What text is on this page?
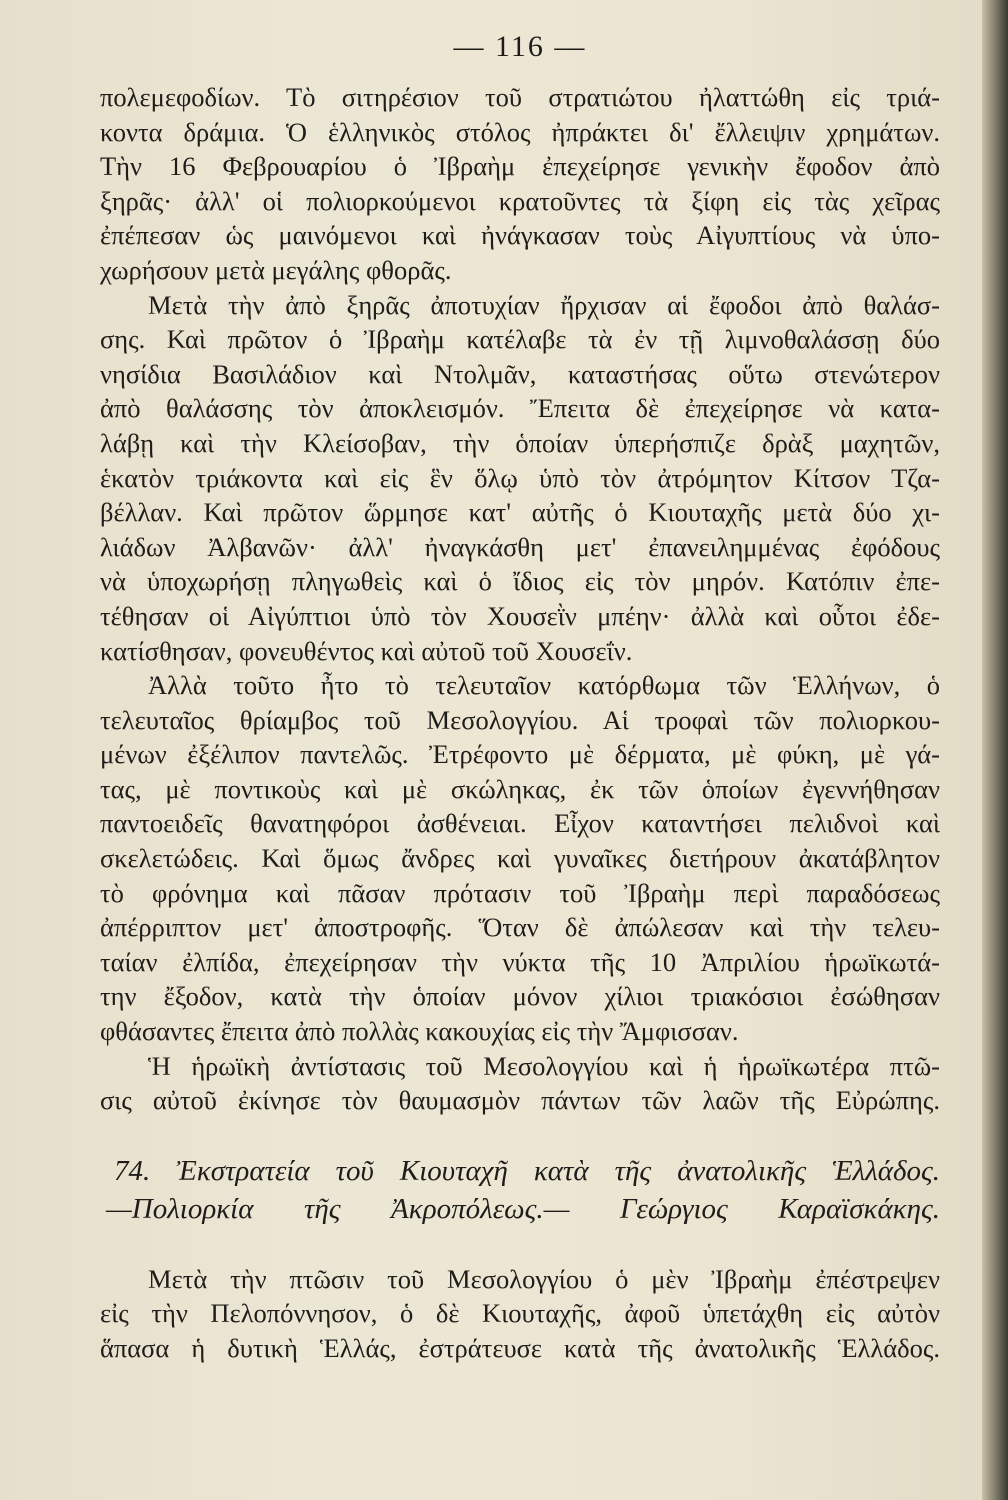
— 116 —
πολεμεφοδίων. Τὸ σιτηρέσιον τοῦ στρατιώτου ἠλαττώθη εἰς τριά-
κοντα δράμια. Ὁ ἑλληνικὸς στόλος ἠπράκτει δι' ἔλλειψιν χρημάτων.
Τὴν 16 Φεβρουαρίου ὁ Ἰβραὴμ ἐπεχείρησε γενικὴν ἔφοδον ἀπὸ
ξηρᾶς· ἀλλ' οἱ πολιορκούμενοι κρατοῦντες τὰ ξίφη εἰς τὰς χεῖρας
ἐπέπεσαν ὡς μαινόμενοι καὶ ἠνάγκασαν τοὺς Αἰγυπτίους νὰ ὑπο-
χωρήσουν μετὰ μεγάλης φθορᾶς.
Μετὰ τὴν ἀπὸ ξηρᾶς ἀποτυχίαν ἤρχισαν αἱ ἔφοδοι ἀπὸ θαλάσ-
σης. Καὶ πρῶτον ὁ Ἰβραὴμ κατέλαβε τὰ ἐν τῇ λιμνοθαλάσσῃ δύο
νησίδια Βασιλάδιον καὶ Ντολμᾶν, καταστήσας οὕτω στενώτερον
ἀπὸ θαλάσσης τὸν ἀποκλεισμόν. Ἔπειτα δὲ ἐπεχείρησε νὰ κατα-
λάβῃ καὶ τὴν Κλείσοβαν, τὴν ὁποίαν ὑπερήσπιζε δρὰξ μαχητῶν,
ἑκατὸν τριάκοντα καὶ εἰς ἓν ὅλῳ ὑπὸ τὸν ἀτρόμητον Κίτσον Τζα-
βέλλαν. Καὶ πρῶτον ὥρμησε κατ' αὐτῆς ὁ Κιουταχῆς μετὰ δύο χι-
λιάδων Ἀλβανῶν· ἀλλ' ἠναγκάσθη μετ' ἐπανειλημμένας ἐφόδους
νὰ ὑποχωρήσῃ πληγωθεὶς καὶ ὁ ἴδιος εἰς τὸν μηρόν. Κατόπιν ἐπε-
τέθησαν οἱ Αἰγύπτιοι ὑπὸ τὸν Χουσεῒν μπέην· ἀλλὰ καὶ οὗτοι ἐδε-
κατίσθησαν, φονευθέντος καὶ αὐτοῦ τοῦ Χουσεΐν.
Ἀλλὰ τοῦτο ἦτο τὸ τελευταῖον κατόρθωμα τῶν Ἑλλήνων, ὁ
τελευταῖος θρίαμβος τοῦ Μεσολογγίου. Αἱ τροφαὶ τῶν πολιορκου-
μένων ἐξέλιπον παντελῶς. Ἐτρέφοντο μὲ δέρματα, μὲ φύκη, μὲ γά-
τας, μὲ ποντικοὺς καὶ μὲ σκώληκας, ἐκ τῶν ὁποίων ἐγεννήθησαν
παντοειδεῖς θανατηφόροι ἀσθένειαι. Εἶχον καταντήσει πελιδνοὶ καὶ
σκελετώδεις. Καὶ ὅμως ἄνδρες καὶ γυναῖκες διετήρουν ἀκατάβλητον
τὸ φρόνημα καὶ πᾶσαν πρότασιν τοῦ Ἰβραὴμ περὶ παραδόσεως
ἀπέρριπτον μετ' ἀποστροφῆς. Ὅταν δὲ ἀπώλεσαν καὶ τὴν τελευ-
ταίαν ἐλπίδα, ἐπεχείρησαν τὴν νύκτα τῆς 10 Ἀπριλίου ἡρωϊκωτά-
την ἔξοδον, κατὰ τὴν ὁποίαν μόνον χίλιοι τριακόσιοι ἐσώθησαν
φθάσαντες ἔπειτα ἀπὸ πολλὰς κακουχίας εἰς τὴν Ἄμφισσαν.
Ἡ ἡρωϊκὴ ἀντίστασις τοῦ Μεσολογγίου καὶ ἡ ἡρωϊκωτέρα πτῶ-
σις αὐτοῦ ἐκίνησε τὸν θαυμασμὸν πάντων τῶν λαῶν τῆς Εὐρώπης.
74. Ἐκστρατεία τοῦ Κιουταχῆ κατὰ τῆς ἀνατολικῆς Ἑλλάδος.
—Πολιορκία τῆς Ἀκροπόλεως.— Γεώργιος Καραϊσκάκης.
Μετὰ τὴν πτῶσιν τοῦ Μεσολογγίου ὁ μὲν Ἰβραὴμ ἐπέστρεψεν
εἰς τὴν Πελοπόννησον, ὁ δὲ Κιουταχῆς, ἀφοῦ ὑπετάχθη εἰς αὐτὸν
ἅπασα ἡ δυτικὴ Ἑλλάς, ἐστράτευσε κατὰ τῆς ἀνατολικῆς Ἑλλάδος.
